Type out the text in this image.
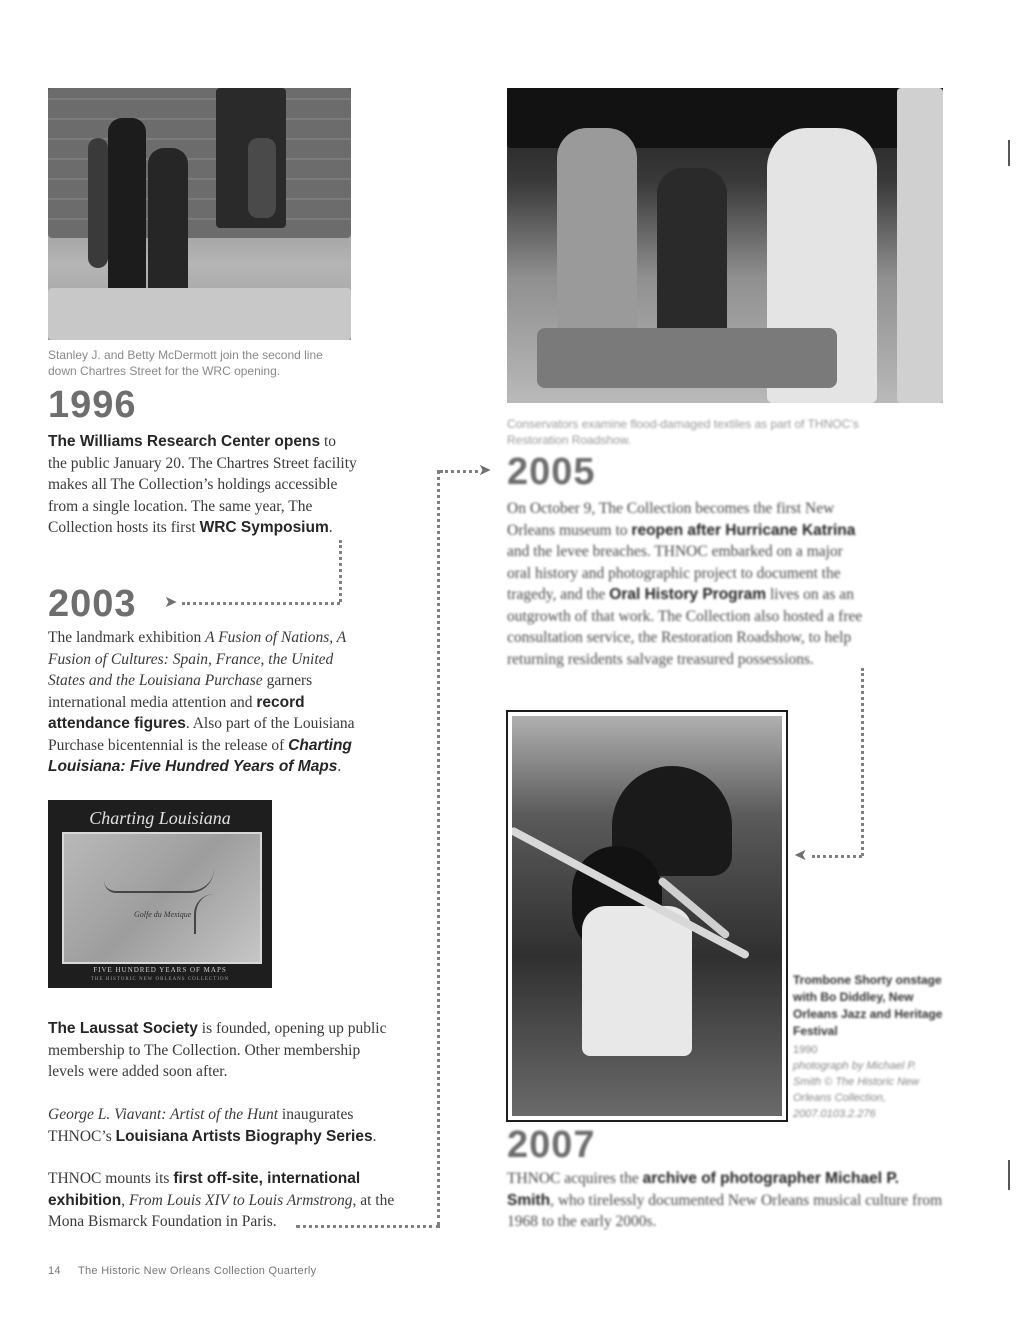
Stanley J. and Betty McDermott join the second line down Chartres Street for the WRC opening.
1996
The Williams Research Center opens to the public January 20. The Chartres Street facility makes all The Collection’s holdings accessible from a single location. The same year, The Collection hosts its first WRC Symposium.
➤
2003
The landmark exhibition A Fusion of Nations, A Fusion of Cultures: Spain, France, the United States and the Louisiana Purchase garners international media attention and record attendance figures. Also part of the Louisiana Purchase bicentennial is the release of Charting Louisiana: Five Hundred Years of Maps.
Charting Louisiana
Golfe du Mexique
FIVE HUNDRED YEARS OF MAPS
THE HISTORIC NEW ORLEANS COLLECTION
The Laussat Society is founded, opening up public membership to The Collection. Other membership levels were added soon after.
George L. Viavant: Artist of the Hunt inaugurates THNOC’s Louisiana Artists Biography Series.
THNOC mounts its first off-site, international exhibition, From Louis XIV to Louis Armstrong, at the Mona Bismarck Foundation in Paris.
➤
14 The Historic New Orleans Collection Quarterly
Conservators examine flood-damaged textiles as part of THNOC’s Restoration Roadshow.
2005
On October 9, The Collection becomes the first New Orleans museum to reopen after Hurricane Katrina and the levee breaches. THNOC embarked on a major oral history and photographic project to document the tragedy, and the Oral History Program lives on as an outgrowth of that work. The Collection also hosted a free consultation service, the Restoration Roadshow, to help returning residents salvage treasured possessions.
➤
Trombone Shorty onstage with Bo Diddley, New Orleans Jazz and Heritage Festival
1990
photograph by Michael P. Smith © The Historic New Orleans Collection, 2007.0103.2.276
2007
THNOC acquires the archive of photographer Michael P. Smith, who tirelessly documented New Orleans musical culture from 1968 to the early 2000s.
